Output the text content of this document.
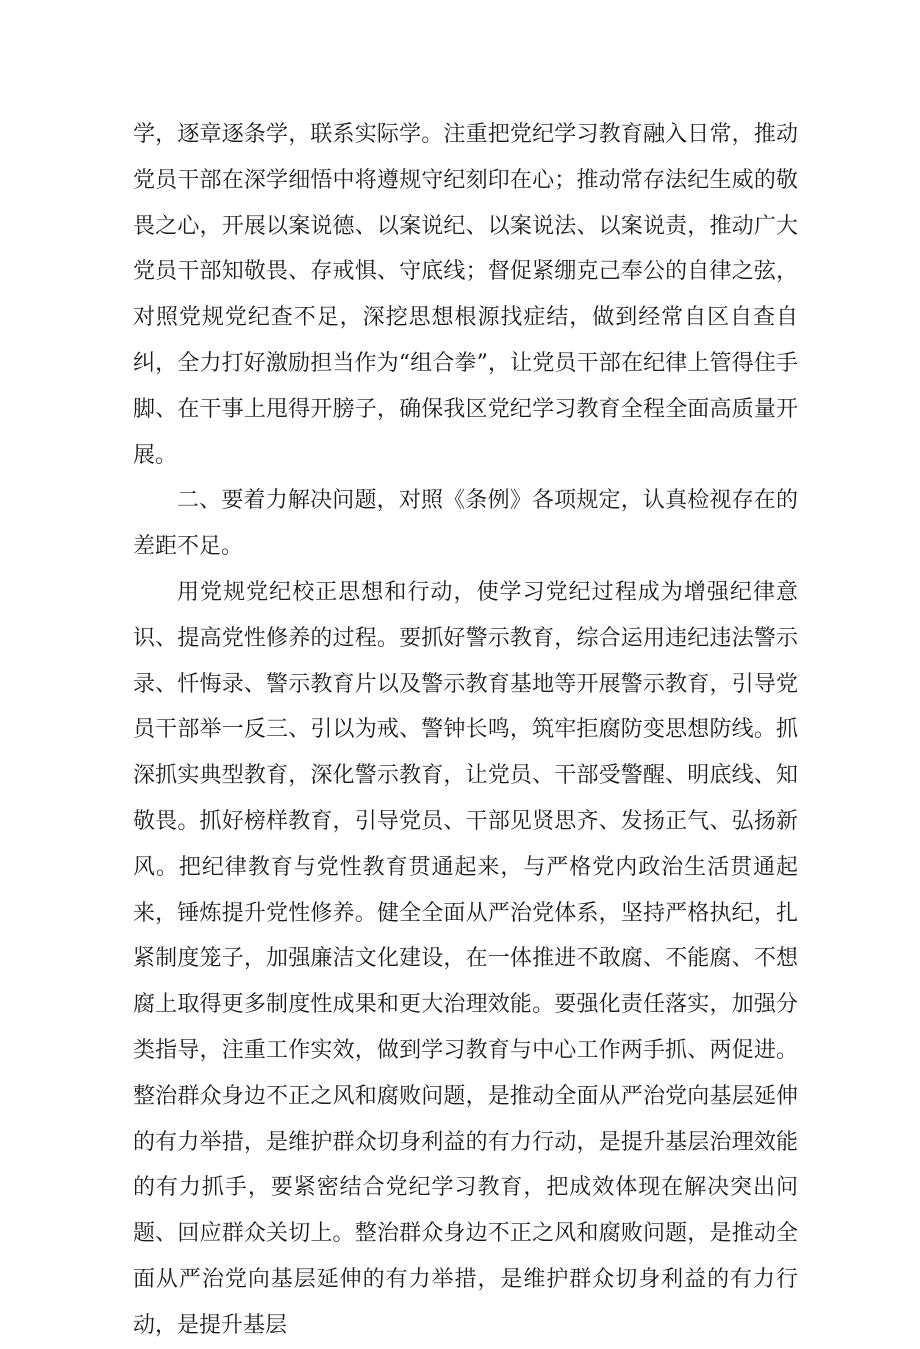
学，逐章逐条学，联系实际学。注重把党纪学习教育融入日常，推动党员干部在深学细悟中将遵规守纪刻印在心；推动常存法纪生威的敬畏之心，开展以案说德、以案说纪、以案说法、以案说责，推动广大党员干部知敬畏、存戒惧、守底线；督促紧绷克己奉公的自律之弦，对照党规党纪查不足，深挖思想根源找症结，做到经常自区自查自纠，全力打好激励担当作为“组合拳”，让党员干部在纪律上管得住手脚、在干事上甩得开膀子，确保我区党纪学习教育全程全面高质量开展。

二、要着力解决问题，对照《条例》各项规定，认真检视存在的差距不足。

用党规党纪校正思想和行动，使学习党纪过程成为增强纪律意识、提高党性修养的过程。要抓好警示教育，综合运用违纪违法警示录、忏悔录、警示教育片以及警示教育基地等开展警示教育，引导党员干部举一反三、引以为戒、警钟长鸣，筑牢拒腐防变思想防线。抓深抓实典型教育，深化警示教育，让党员、干部受警醒、明底线、知敬畏。抓好榜样教育，引导党员、干部见贤思齐、发扬正气、弘扬新风。把纪律教育与党性教育贯通起来，与严格党内政治生活贯通起来，锤炼提升党性修养。健全全面从严治党体系，坚持严格执纪，扎紧制度笼子，加强廉洁文化建设，在一体推进不敢腐、不能腐、不想腐上取得更多制度性成果和更大治理效能。要强化责任落实，加强分类指导，注重工作实效，做到学习教育与中心工作两手抓、两促进。整治群众身边不正之风和腐败问题，是推动全面从严治党向基层延伸的有力举措，是维护群众切身利益的有力行动，是提升基层治理效能的有力抓手，要紧密结合党纪学习教育，把成效体现在解决突出问题、回应群众关切上。整治群众身边不正之风和腐败问题，是推动全面从严治党向基层延伸的有力举措，是维护群众切身利益的有力行动，是提升基层
